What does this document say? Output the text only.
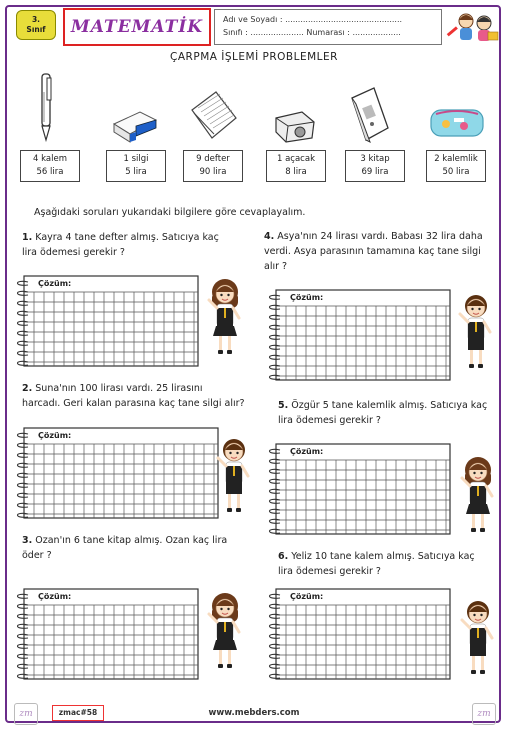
3.
Sınıf	MATEMATİK Adı ve Soyadı : ..............................................
Sınıfı : ..................... Numarası : ...................
ÇARPMA İŞLEMİ PROBLEMLER
4 kalem
56 lira
1 silgi
5 lira
9 defter
90 lira
1 açacak
8 lira
3 kitap
69 lira
2 kalemlik
50 lira
Aşağıdaki soruları yukarıdaki bilgilere göre cevaplayalım.
1. Kayra 4 tane defter almış. Satıcıya kaç
lira ödemesi gerekir ?
2. Suna'nın 100 lirası vardı. 25 lirasını
harcadı. Geri kalan parasına kaç tane silgi alır?
3. Ozan'ın 6 tane kitap almış. Ozan kaç lira
öder ?
4. Asya'nın 24 lirası vardı. Babası 32 lira daha
verdi. Asya parasının tamamına kaç tane silgi
alır ?
5. Özgür 5 tane kalemlik almış. Satıcıya kaç
lira ödemesi gerekir ?
6. Yeliz 10 tane kalem almış. Satıcıya kaç
lira ödemesi gerekir ?
Çözüm:
Çözüm:
Çözüm:
Çözüm:
Çözüm:
Çözüm:
zm	zmac#58	www.mebders.com	zm
